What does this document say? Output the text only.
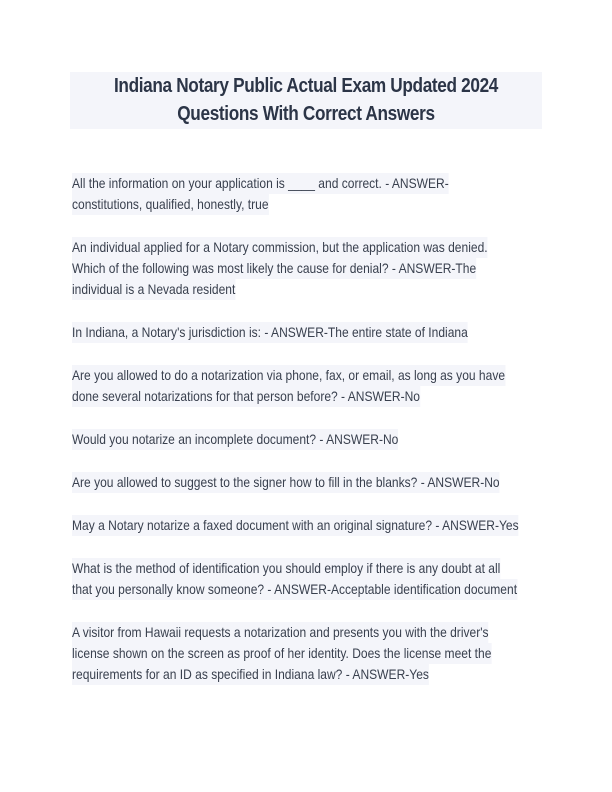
Indiana Notary Public Actual Exam Updated 2024
Questions With Correct Answers
All the information on your application is ____ and correct. - ANSWER-
constitutions, qualified, honestly, true
An individual applied for a Notary commission, but the application was denied.
Which of the following was most likely the cause for denial? - ANSWER-The
individual is a Nevada resident
In Indiana, a Notary's jurisdiction is: - ANSWER-The entire state of Indiana
Are you allowed to do a notarization via phone, fax, or email, as long as you have
done several notarizations for that person before? - ANSWER-No
Would you notarize an incomplete document? - ANSWER-No
Are you allowed to suggest to the signer how to fill in the blanks? - ANSWER-No
May a Notary notarize a faxed document with an original signature? - ANSWER-Yes
What is the method of identification you should employ if there is any doubt at all
that you personally know someone? - ANSWER-Acceptable identification document
A visitor from Hawaii requests a notarization and presents you with the driver's
license shown on the screen as proof of her identity. Does the license meet the
requirements for an ID as specified in Indiana law? - ANSWER-Yes
